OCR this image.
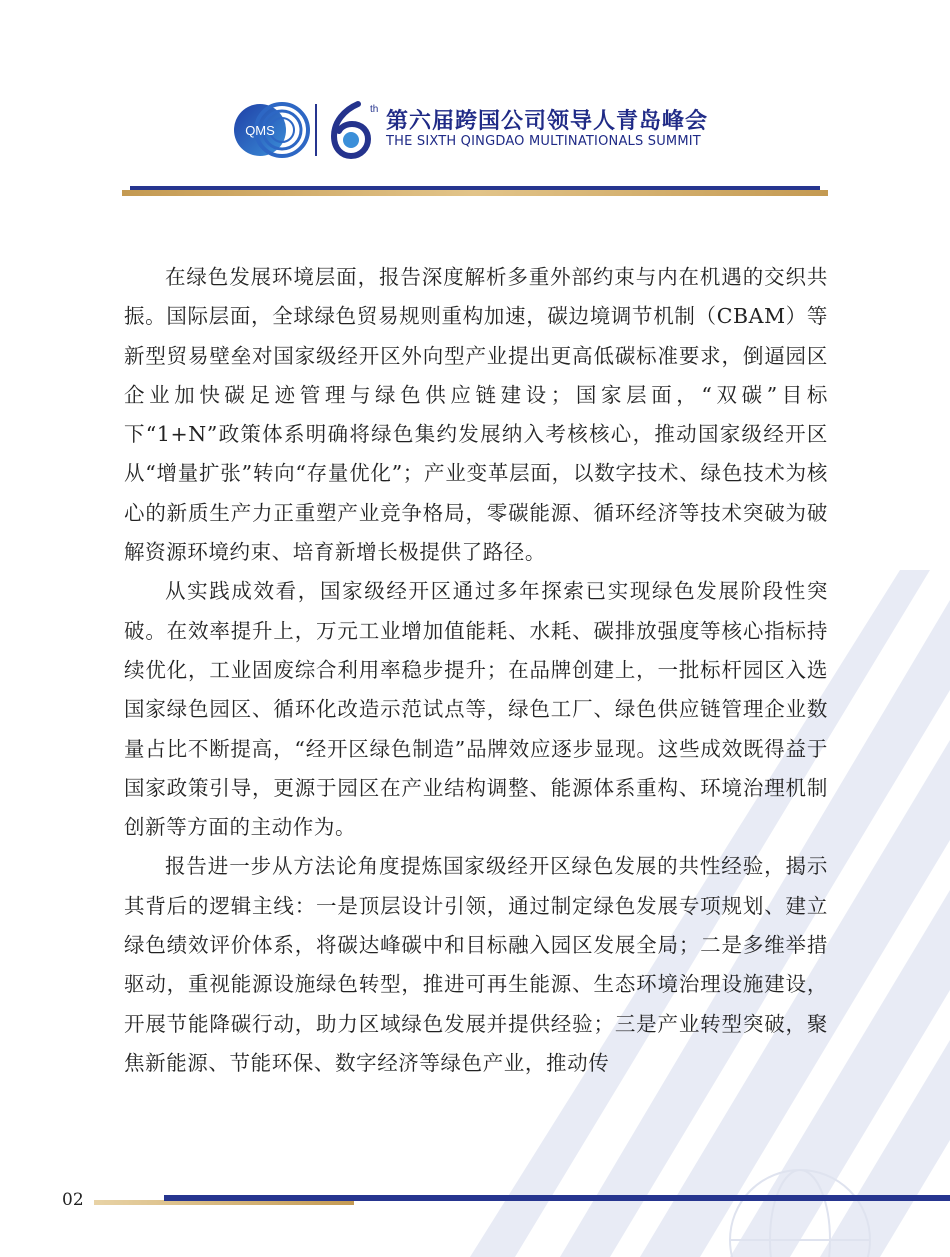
QMS
th 第六届跨国公司领导人青岛峰会
THE SIXTH QINGDAO MULTINATIONALS SUMMIT

在绿色发展环境层面，报告深度解析多重外部约束与内在机遇的交织共振。国际层面，全球绿色贸易规则重构加速，碳边境调节机制（CBAM）等新型贸易壁垒对国家级经开区外向型产业提出更高低碳标准要求，倒逼园区企业加快碳足迹管理与绿色供应链建设；国家层面，“双碳”目标下“1+N”政策体系明确将绿色集约发展纳入考核核心，推动国家级经开区从“增量扩张”转向“存量优化”；产业变革层面，以数字技术、绿色技术为核心的新质生产力正重塑产业竞争格局，零碳能源、循环经济等技术突破为破解资源环境约束、培育新增长极提供了路径。

从实践成效看，国家级经开区通过多年探索已实现绿色发展阶段性突破。在效率提升上，万元工业增加值能耗、水耗、碳排放强度等核心指标持续优化，工业固废综合利用率稳步提升；在品牌创建上，一批标杆园区入选国家绿色园区、循环化改造示范试点等，绿色工厂、绿色供应链管理企业数量占比不断提高，“经开区绿色制造”品牌效应逐步显现。这些成效既得益于国家政策引导，更源于园区在产业结构调整、能源体系重构、环境治理机制创新等方面的主动作为。

报告进一步从方法论角度提炼国家级经开区绿色发展的共性经验，揭示其背后的逻辑主线：一是顶层设计引领，通过制定绿色发展专项规划、建立绿色绩效评价体系，将碳达峰碳中和目标融入园区发展全局；二是多维举措驱动，重视能源设施绿色转型，推进可再生能源、生态环境治理设施建设，开展节能降碳行动，助力区域绿色发展并提供经验；三是产业转型突破，聚焦新能源、节能环保、数字经济等绿色产业，推动传

02
